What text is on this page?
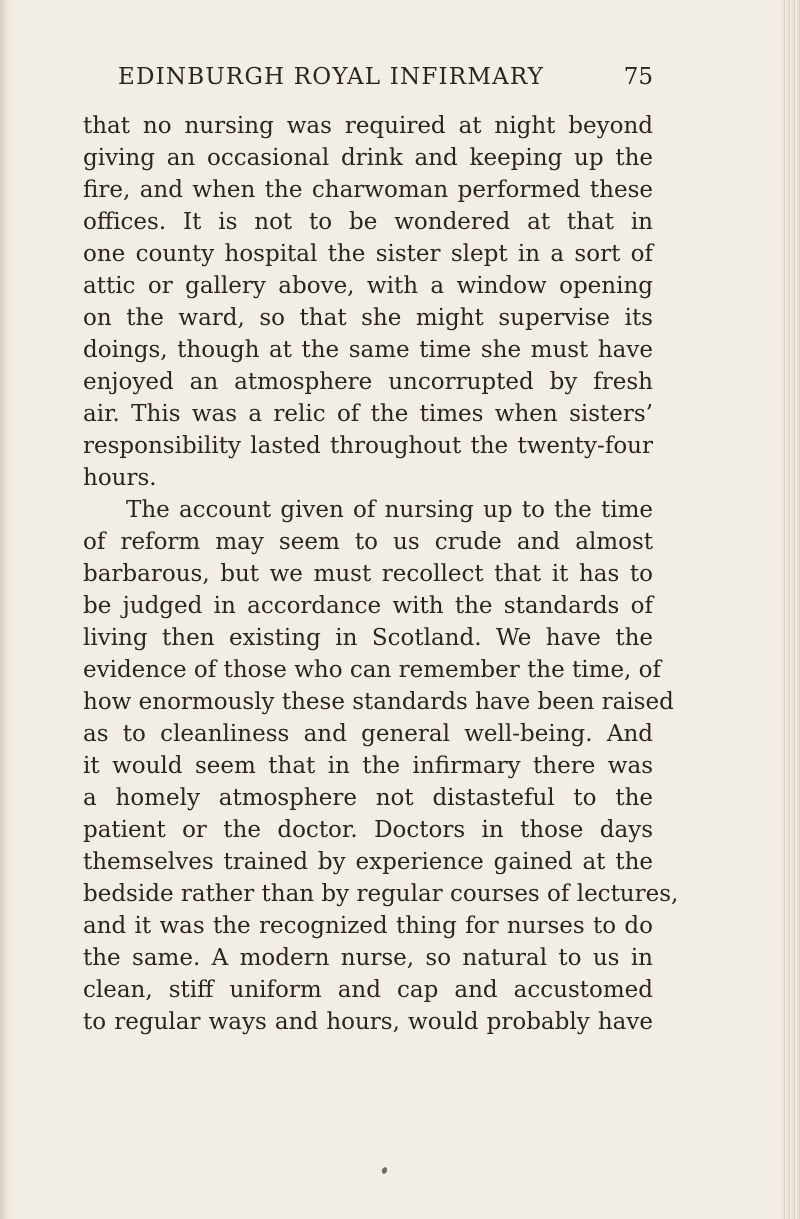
EDINBURGH ROYAL INFIRMARY	75
that no nursing was required at night beyond
giving an occasional drink and keeping up the
fire, and when the charwoman performed these
offices. It is not to be wondered at that in
one county hospital the sister slept in a sort of
attic or gallery above, with a window opening
on the ward, so that she might supervise its
doings, though at the same time she must have
enjoyed an atmosphere uncorrupted by fresh
air. This was a relic of the times when sisters’
responsibility lasted throughout the twenty-four
hours.
The account given of nursing up to the time
of reform may seem to us crude and almost
barbarous, but we must recollect that it has to
be judged in accordance with the standards of
living then existing in Scotland. We have the
evidence of those who can remember the time, of
how enormously these standards have been raised
as to cleanliness and general well-being. And
it would seem that in the infirmary there was
a homely atmosphere not distasteful to the
patient or the doctor. Doctors in those days
themselves trained by experience gained at the
bedside rather than by regular courses of lectures,
and it was the recognized thing for nurses to do
the same. A modern nurse, so natural to us in
clean, stiff uniform and cap and accustomed
to regular ways and hours, would probably have
